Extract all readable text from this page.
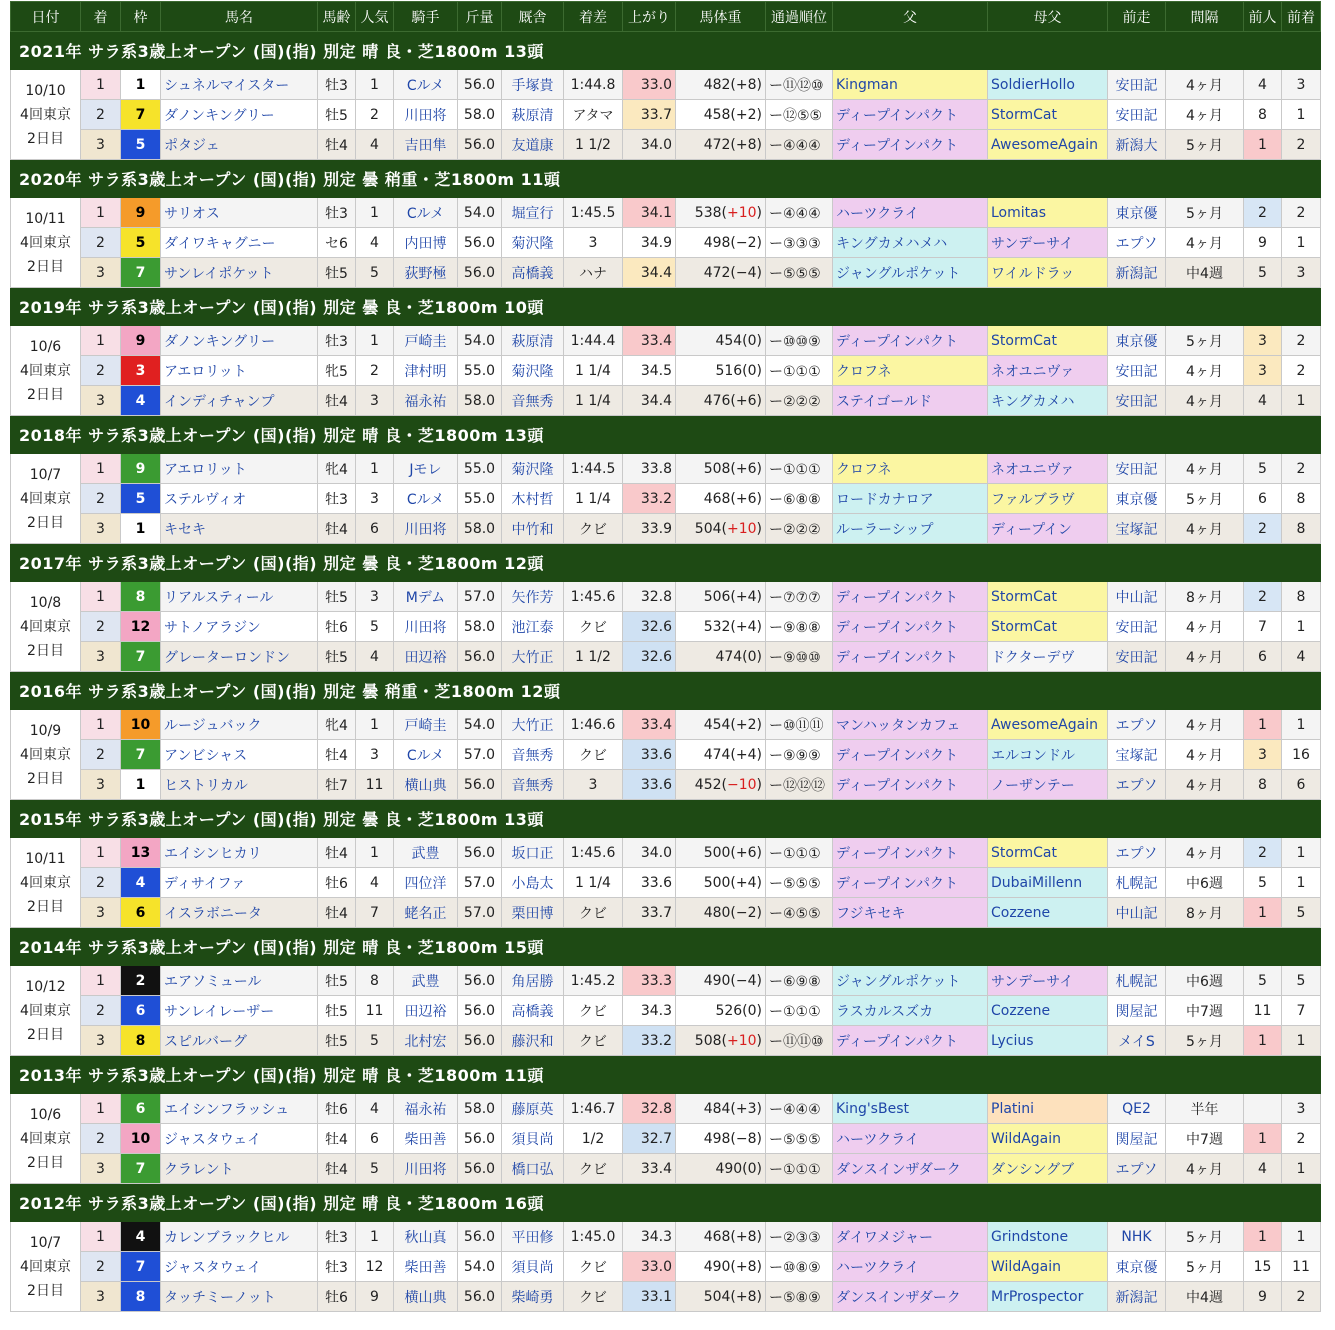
日付	着	枠	馬名	馬齢	人気	騎手	斤量	厩舎	着差	上がり	馬体重	通過順位	父	母父	前走	間隔	前人	前着
2021年 サラ系3歳上オープン (国)(指) 別定 晴 良・芝1800m 13頭																		

10/10
4回東京
2日目	1	1	シュネルマイスター	牡3	1	Cルメ	56.0	手塚貴	1:44.8	33.0	482(+8)	ー⑪⑫⑩	Kingman	SoldierHollo	安田記	4ヶ月	4	3
	2	7	ダノンキングリー	牡5	2	川田将	58.0	萩原清	アタマ	33.7	458(+2)	ー⑫⑤⑤	ディープインパクト	StormCat	安田記	4ヶ月	8	1
	3	5	ポタジェ	牡4	4	吉田隼	56.0	友道康	1 1/2	34.0	472(+8)	ー④④④	ディープインパクト	AwesomeAgain	新潟大	5ヶ月	1	2
2020年 サラ系3歳上オープン (国)(指) 別定 曇 稍重・芝1800m 11頭																		

10/11
4回東京
2日目	1	9	サリオス	牡3	1	Cルメ	54.0	堀宣行	1:45.5	34.1	538(+10)	ー④④④	ハーツクライ	Lomitas	東京優	5ヶ月	2	2
	2	5	ダイワキャグニー	セ6	4	内田博	56.0	菊沢隆	3	34.9	498(−2)	ー③③③	キングカメハメハ	サンデーサイ	エプソ	4ヶ月	9	1
	3	7	サンレイポケット	牡5	5	荻野極	56.0	高橋義	ハナ	34.4	472(−4)	ー⑤⑤⑤	ジャングルポケット	ワイルドラッ	新潟記	中4週	5	3
2019年 サラ系3歳上オープン (国)(指) 別定 曇 良・芝1800m 10頭																		

10/6
4回東京
2日目	1	9	ダノンキングリー	牡3	1	戸崎圭	54.0	萩原清	1:44.4	33.4	454(0)	ー⑩⑩⑨	ディープインパクト	StormCat	東京優	5ヶ月	3	2
	2	3	アエロリット	牝5	2	津村明	55.0	菊沢隆	1 1/4	34.5	516(0)	ー①①①	クロフネ	ネオユニヴァ	安田記	4ヶ月	3	2
	3	4	インディチャンプ	牡4	3	福永祐	58.0	音無秀	1 1/4	34.4	476(+6)	ー②②②	ステイゴールド	キングカメハ	安田記	4ヶ月	4	1
2018年 サラ系3歳上オープン (国)(指) 別定 晴 良・芝1800m 13頭																		

10/7
4回東京
2日目	1	9	アエロリット	牝4	1	Jモレ	55.0	菊沢隆	1:44.5	33.8	508(+6)	ー①①①	クロフネ	ネオユニヴァ	安田記	4ヶ月	5	2
	2	5	ステルヴィオ	牡3	3	Cルメ	55.0	木村哲	1 1/4	33.2	468(+6)	ー⑥⑧⑧	ロードカナロア	ファルブラヴ	東京優	5ヶ月	6	8
	3	1	キセキ	牡4	6	川田将	58.0	中竹和	クビ	33.9	504(+10)	ー②②②	ルーラーシップ	ディープイン	宝塚記	4ヶ月	2	8
2017年 サラ系3歳上オープン (国)(指) 別定 曇 良・芝1800m 12頭																		

10/8
4回東京
2日目	1	8	リアルスティール	牡5	3	Mデム	57.0	矢作芳	1:45.6	32.8	506(+4)	ー⑦⑦⑦	ディープインパクト	StormCat	中山記	8ヶ月	2	8
	2	12	サトノアラジン	牡6	5	川田将	58.0	池江泰	クビ	32.6	532(+4)	ー⑨⑧⑧	ディープインパクト	StormCat	安田記	4ヶ月	7	1
	3	7	グレーターロンドン	牡5	4	田辺裕	56.0	大竹正	1 1/2	32.6	474(0)	ー⑨⑩⑩	ディープインパクト	ドクターデヴ	安田記	4ヶ月	6	4
2016年 サラ系3歳上オープン (国)(指) 別定 曇 稍重・芝1800m 12頭																		

10/9
4回東京
2日目	1	10	ルージュバック	牝4	1	戸崎圭	54.0	大竹正	1:46.6	33.4	454(+2)	ー⑩⑪⑪	マンハッタンカフェ	AwesomeAgain	エプソ	4ヶ月	1	1
	2	7	アンビシャス	牡4	3	Cルメ	57.0	音無秀	クビ	33.6	474(+4)	ー⑨⑨⑨	ディープインパクト	エルコンドル	宝塚記	4ヶ月	3	16
	3	1	ヒストリカル	牡7	11	横山典	56.0	音無秀	3	33.6	452(−10)	ー⑫⑫⑫	ディープインパクト	ノーザンテー	エプソ	4ヶ月	8	6
2015年 サラ系3歳上オープン (国)(指) 別定 曇 良・芝1800m 13頭																		

10/11
4回東京
2日目	1	13	エイシンヒカリ	牡4	1	武豊	56.0	坂口正	1:45.6	34.0	500(+6)	ー①①①	ディープインパクト	StormCat	エプソ	4ヶ月	2	1
	2	4	ディサイファ	牡6	4	四位洋	57.0	小島太	1 1/4	33.6	500(+4)	ー⑤⑤⑤	ディープインパクト	DubaiMillenn	札幌記	中6週	5	1
	3	6	イスラボニータ	牡4	7	蛯名正	57.0	栗田博	クビ	33.7	480(−2)	ー④⑤⑤	フジキセキ	Cozzene	中山記	8ヶ月	1	5
2014年 サラ系3歳上オープン (国)(指) 別定 晴 良・芝1800m 15頭																		

10/12
4回東京
2日目	1	2	エアソミュール	牡5	8	武豊	56.0	角居勝	1:45.2	33.3	490(−4)	ー⑥⑨⑧	ジャングルポケット	サンデーサイ	札幌記	中6週	5	5
	2	6	サンレイレーザー	牡5	11	田辺裕	56.0	高橋義	クビ	34.3	526(0)	ー①①①	ラスカルスズカ	Cozzene	関屋記	中7週	11	7
	3	8	スピルバーグ	牡5	5	北村宏	56.0	藤沢和	クビ	33.2	508(+10)	ー⑪⑪⑩	ディープインパクト	Lycius	メイS	5ヶ月	1	1
2013年 サラ系3歳上オープン (国)(指) 別定 晴 良・芝1800m 11頭																		

10/6
4回東京
2日目	1	6	エイシンフラッシュ	牡6	4	福永祐	58.0	藤原英	1:46.7	32.8	484(+3)	ー④④④	King'sBest	Platini	QE2	半年		3
	2	10	ジャスタウェイ	牡4	6	柴田善	56.0	須貝尚	1/2	32.7	498(−8)	ー⑤⑤⑤	ハーツクライ	WildAgain	関屋記	中7週	1	2
	3	7	クラレント	牡4	5	川田将	56.0	橋口弘	クビ	33.4	490(0)	ー①①①	ダンスインザダーク	ダンシングブ	エプソ	4ヶ月	4	1
2012年 サラ系3歳上オープン (国)(指) 別定 晴 良・芝1800m 16頭																		

10/7
4回東京
2日目	1	4	カレンブラックヒル	牡3	1	秋山真	56.0	平田修	1:45.0	34.3	468(+8)	ー②③③	ダイワメジャー	Grindstone	NHK	5ヶ月	1	1
	2	7	ジャスタウェイ	牡3	12	柴田善	54.0	須貝尚	クビ	33.0	490(+8)	ー⑩⑧⑨	ハーツクライ	WildAgain	東京優	5ヶ月	15	11
	3	8	タッチミーノット	牡6	9	横山典	56.0	柴崎勇	クビ	33.1	504(+8)	ー⑤⑧⑨	ダンスインザダーク	MrProspector	新潟記	中4週	9	2
